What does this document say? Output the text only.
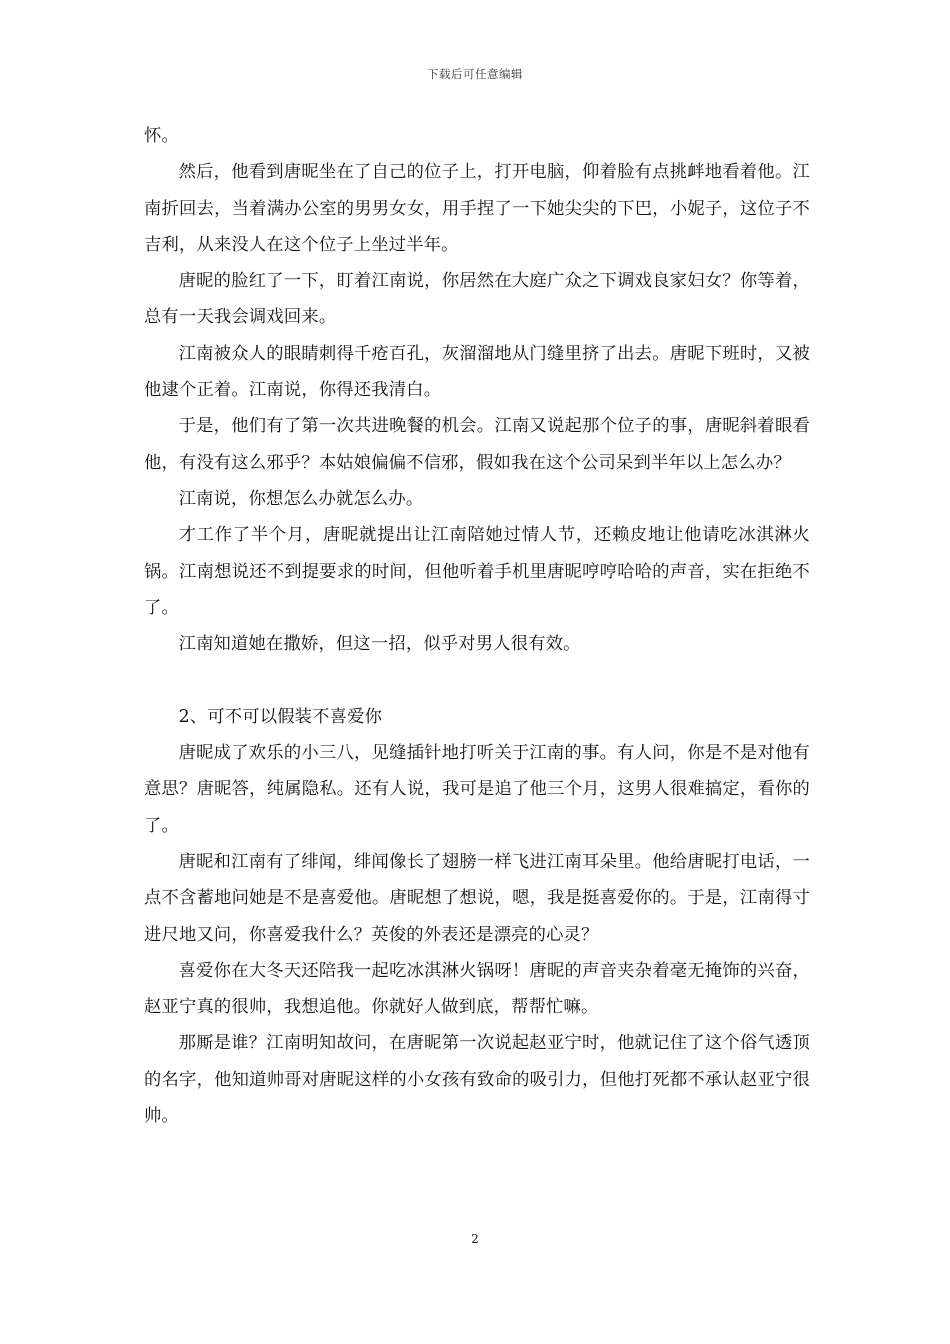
下载后可任意编辑

怀。

然后，他看到唐昵坐在了自己的位子上，打开电脑，仰着脸有点挑衅地看着他。江南折回去，当着满办公室的男男女女，用手捏了一下她尖尖的下巴，小妮子，这位子不吉利，从来没人在这个位子上坐过半年。

唐昵的脸红了一下，盯着江南说，你居然在大庭广众之下调戏良家妇女？你等着，总有一天我会调戏回来。

江南被众人的眼睛刺得千疮百孔，灰溜溜地从门缝里挤了出去。唐昵下班时，又被他逮个正着。江南说，你得还我清白。

于是，他们有了第一次共进晚餐的机会。江南又说起那个位子的事，唐昵斜着眼看他，有没有这么邪乎？本姑娘偏偏不信邪，假如我在这个公司呆到半年以上怎么办？

江南说，你想怎么办就怎么办。

才工作了半个月，唐昵就提出让江南陪她过情人节，还赖皮地让他请吃冰淇淋火锅。江南想说还不到提要求的时间，但他听着手机里唐昵哼哼哈哈的声音，实在拒绝不了。

江南知道她在撒娇，但这一招，似乎对男人很有效。

2、可不可以假装不喜爱你

唐昵成了欢乐的小三八，见缝插针地打听关于江南的事。有人问，你是不是对他有意思？唐昵答，纯属隐私。还有人说，我可是追了他三个月，这男人很难搞定，看你的了。

唐昵和江南有了绯闻，绯闻像长了翅膀一样飞进江南耳朵里。他给唐昵打电话，一点不含蓄地问她是不是喜爱他。唐昵想了想说，嗯，我是挺喜爱你的。于是，江南得寸进尺地又问，你喜爱我什么？英俊的外表还是漂亮的心灵？

喜爱你在大冬天还陪我一起吃冰淇淋火锅呀！唐昵的声音夹杂着毫无掩饰的兴奋，赵亚宁真的很帅，我想追他。你就好人做到底，帮帮忙嘛。

那厮是谁？江南明知故问，在唐昵第一次说起赵亚宁时，他就记住了这个俗气透顶的名字，他知道帅哥对唐昵这样的小女孩有致命的吸引力，但他打死都不承认赵亚宁很帅。

2
